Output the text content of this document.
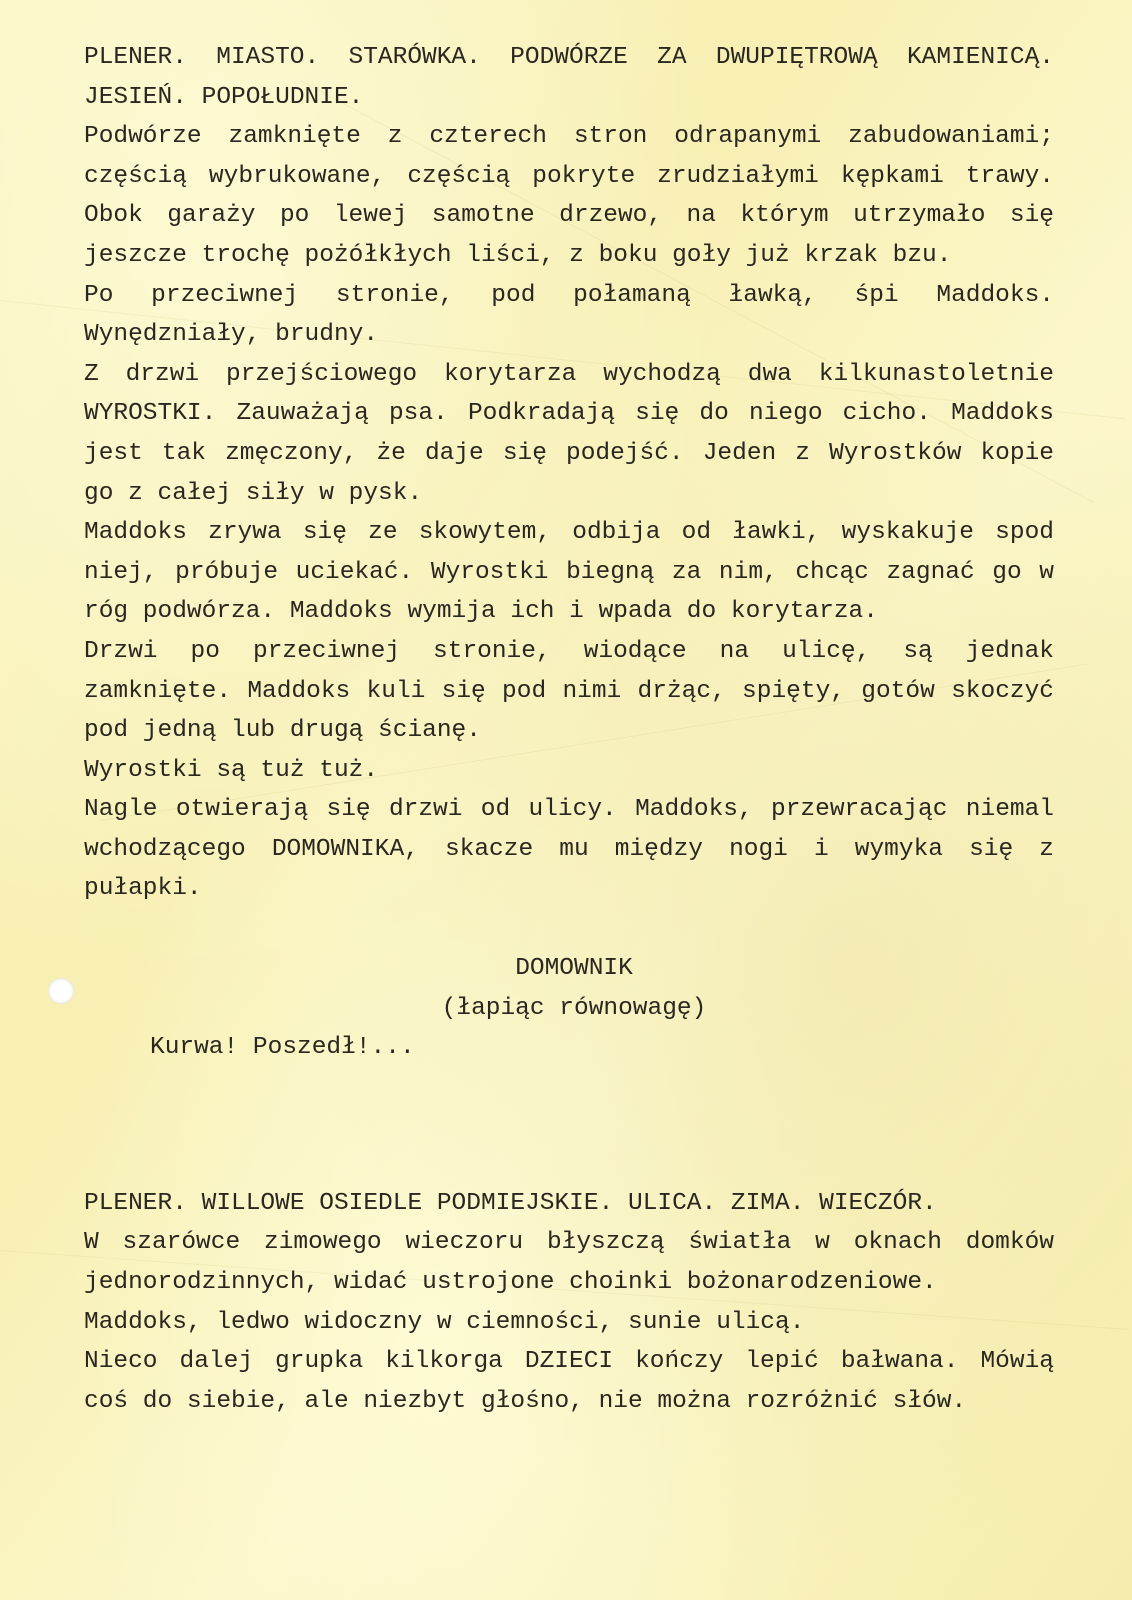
PLENER. MIASTO. STARÓWKA. PODWÓRZE ZA DWUPIĘTROWĄ KAMIENICĄ. JESIEŃ. POPOŁUDNIE.

Podwórze zamknięte z czterech stron odrapanymi zabudowaniami; częścią wybrukowane, częścią pokryte zrudziałymi kępkami trawy. Obok garaży po lewej samotne drzewo, na którym utrzymało się jeszcze trochę pożółkłych liści, z boku goły już krzak bzu.

Po przeciwnej stronie, pod połamaną ławką, śpi Maddoks. Wynędzniały, brudny.

Z drzwi przejściowego korytarza wychodzą dwa kilkunastoletnie WYROSTKI. Zauważają psa. Podkradają się do niego cicho. Maddoks jest tak zmęczony, że daje się podejść. Jeden z Wyrostków kopie go z całej siły w pysk.

Maddoks zrywa się ze skowytem, odbija od ławki, wyskakuje spod niej, próbuje uciekać. Wyrostki biegną za nim, chcąc zagnać go w róg podwórza. Maddoks wymija ich i wpada do korytarza.

Drzwi po przeciwnej stronie, wiodące na ulicę, są jednak zamknięte. Maddoks kuli się pod nimi drżąc, spięty, gotów skoczyć pod jedną lub drugą ścianę.

Wyrostki są tuż tuż.

Nagle otwierają się drzwi od ulicy. Maddoks, przewracając niemal wchodzącego DOMOWNIKA, skacze mu między nogi i wymyka się z pułapki.

DOMOWNIK

(łapiąc równowagę)

Kurwa! Poszedł!...

PLENER. WILLOWE OSIEDLE PODMIEJSKIE. ULICA. ZIMA. WIECZÓR.

W szarówce zimowego wieczoru błyszczą światła w oknach domków jednorodzinnych, widać ustrojone choinki bożonarodzeniowe.

Maddoks, ledwo widoczny w ciemności, sunie ulicą.

Nieco dalej grupka kilkorga DZIECI kończy lepić bałwana. Mówią coś do siebie, ale niezbyt głośno, nie można rozróżnić słów.
